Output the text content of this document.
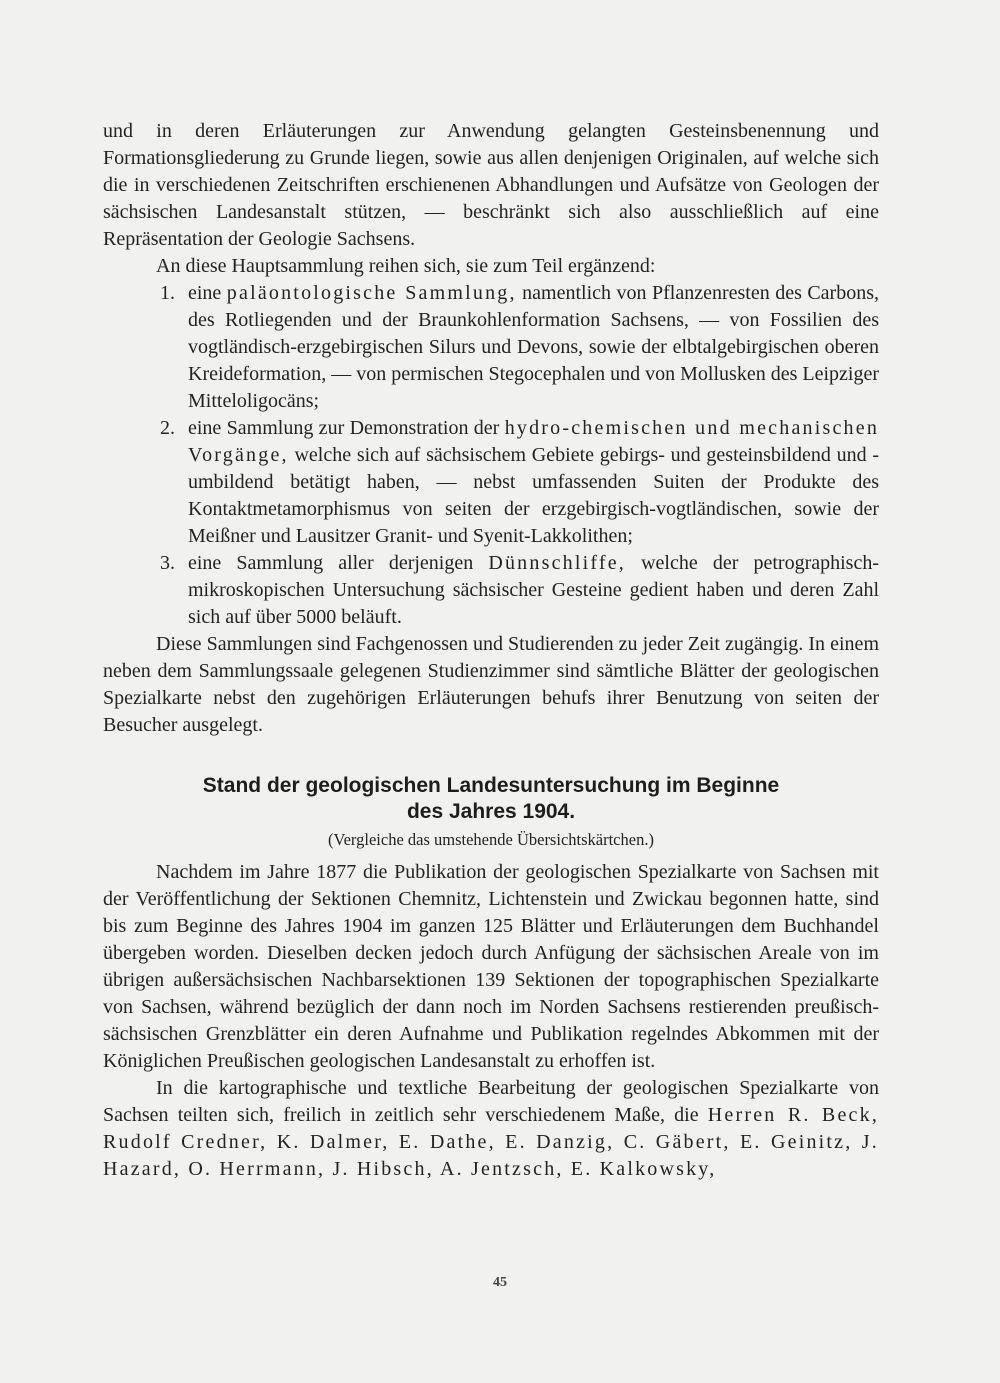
und in deren Erläuterungen zur Anwendung gelangten Gesteinsbenennung und Formationsgliederung zu Grunde liegen, sowie aus allen denjenigen Originalen, auf welche sich die in verschiedenen Zeitschriften erschienenen Abhandlungen und Aufsätze von Geologen der sächsischen Landesanstalt stützen, — beschränkt sich also ausschließlich auf eine Repräsentation der Geologie Sachsens.

An diese Hauptsammlung reihen sich, sie zum Teil ergänzend:

1. eine paläontologische Sammlung, namentlich von Pflanzenresten des Carbons, des Rotliegenden und der Braunkohlenformation Sachsens, — von Fossilien des vogtländisch-erzgebirgischen Silurs und Devons, sowie der elbtalgebirgischen oberen Kreideformation, — von permischen Stegocephalen und von Mollusken des Leipziger Mitteloligocäns;
2. eine Sammlung zur Demonstration der hydro-chemischen und mechanischen Vorgänge, welche sich auf sächsischem Gebiete gebirgs- und gesteinsbildend und -umbildend betätigt haben, — nebst umfassenden Suiten der Produkte des Kontaktmetamorphismus von seiten der erzgebirgisch-vogtländischen, sowie der Meißner und Lausitzer Granit- und Syenit-Lakkolithen;
3. eine Sammlung aller derjenigen Dünnschliffe, welche der petrographisch-mikroskopischen Untersuchung sächsischer Gesteine gedient haben und deren Zahl sich auf über 5000 beläuft.

Diese Sammlungen sind Fachgenossen und Studierenden zu jeder Zeit zugängig. In einem neben dem Sammlungssaale gelegenen Studienzimmer sind sämtliche Blätter der geologischen Spezialkarte nebst den zugehörigen Erläuterungen behufs ihrer Benutzung von seiten der Besucher ausgelegt.

Stand der geologischen Landesuntersuchung im Beginne
des Jahres 1904.
(Vergleiche das umstehende Übersichtskärtchen.)

Nachdem im Jahre 1877 die Publikation der geologischen Spezialkarte von Sachsen mit der Veröffentlichung der Sektionen Chemnitz, Lichtenstein und Zwickau begonnen hatte, sind bis zum Beginne des Jahres 1904 im ganzen 125 Blätter und Erläuterungen dem Buchhandel übergeben worden. Dieselben decken jedoch durch Anfügung der sächsischen Areale von im übrigen außersächsischen Nachbarsektionen 139 Sektionen der topographischen Spezialkarte von Sachsen, während bezüglich der dann noch im Norden Sachsens restierenden preußisch-sächsischen Grenzblätter ein deren Aufnahme und Publikation regelndes Abkommen mit der Königlichen Preußischen geologischen Landesanstalt zu erhoffen ist.

In die kartographische und textliche Bearbeitung der geologischen Spezialkarte von Sachsen teilten sich, freilich in zeitlich sehr verschiedenem Maße, die Herren R. Beck, Rudolf Credner, K. Dalmer, E. Dathe, E. Danzig, C. Gäbert, E. Geinitz, J. Hazard, O. Herrmann, J. Hibsch, A. Jentzsch, E. Kalkowsky,

45
